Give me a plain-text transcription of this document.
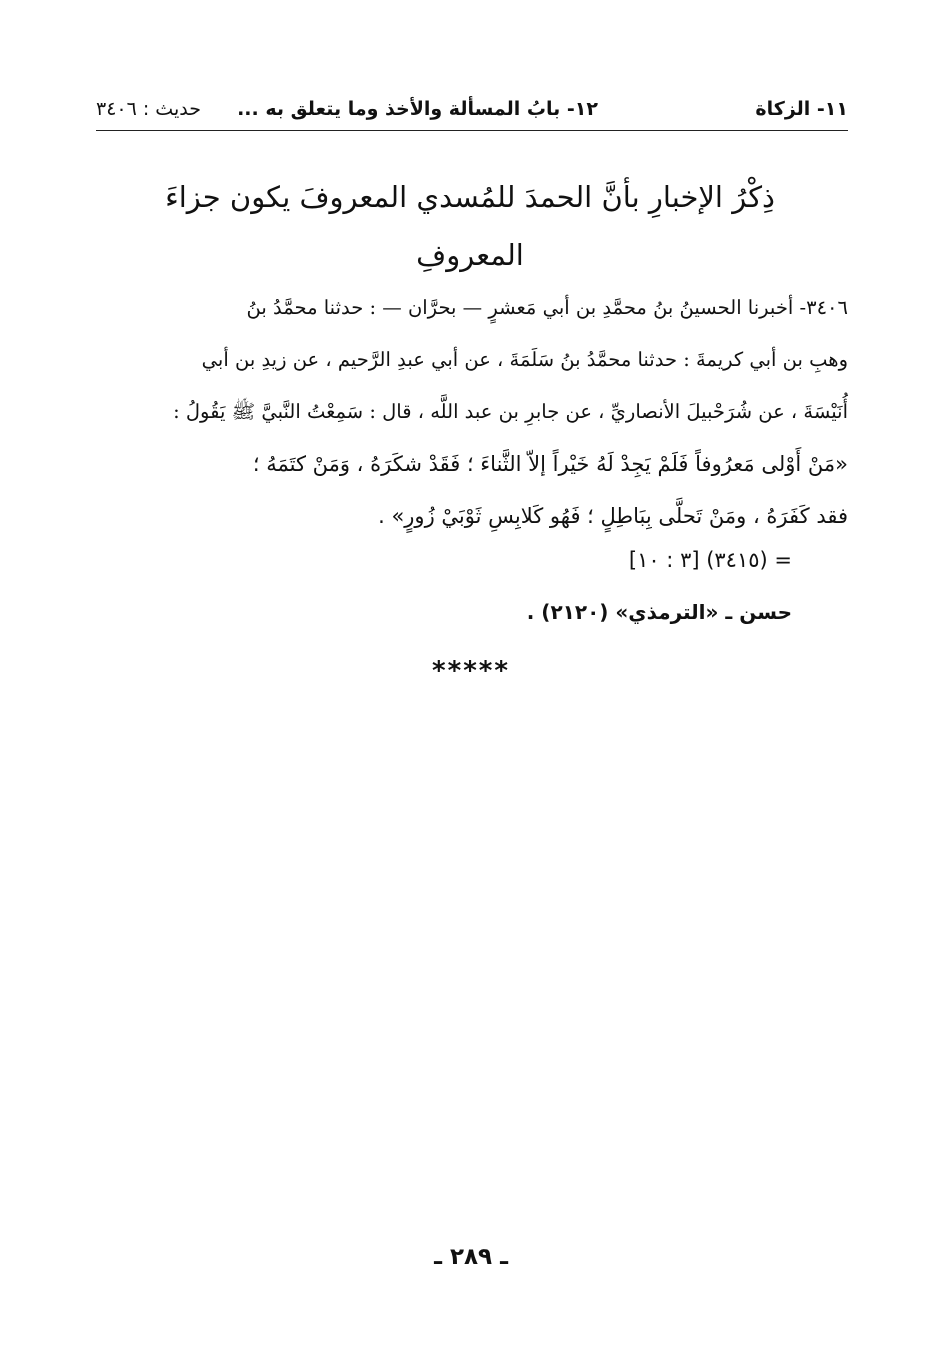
١١- الزكاة
١٢- بابُ المسألة والأخذ وما يتعلق به ...
حديث : ٣٤٠٦
ذِكْرُ الإخبارِ بأنَّ الحمدَ للمُسدي المعروفَ يكون جزاءَ
المعروفِ
٣٤٠٦- أخبرنا الحسينُ بنُ محمَّدِ بن أبي مَعشرٍ — بحرَّان — : حدثنا محمَّدُ بنُ
وهبِ بن أبي كريمةَ : حدثنا محمَّدُ بنُ سَلَمَةَ ، عن أبي عبدِ الرَّحيم ، عن زيدِ بن أبي
أُنَيْسَةَ ، عن شُرَحْبيلَ الأنصاريِّ ، عن جابرِ بن عبد اللَّه ، قال : سَمِعْتُ النَّبيَّ ﷺ يَقُولُ :
«مَنْ أَوْلى مَعرُوفاً فَلَمْ يَجِدْ لَهُ خَيْراً إلاّ الثَّناءَ ؛ فَقَدْ شكَرَهُ ، وَمَنْ كتَمَهُ ؛
فقد كَفَرَهُ ، ومَنْ تَحلَّى بِبَاطِلٍ ؛ فَهُو كَلابِسِ ثَوْبَيْ زُورٍ» .
= (٣٤١٥) [٣ : ١٠]
حسن ـ «الترمذي» (٢١٢٠) .
*****
ـ ٢٨٩ ـ
